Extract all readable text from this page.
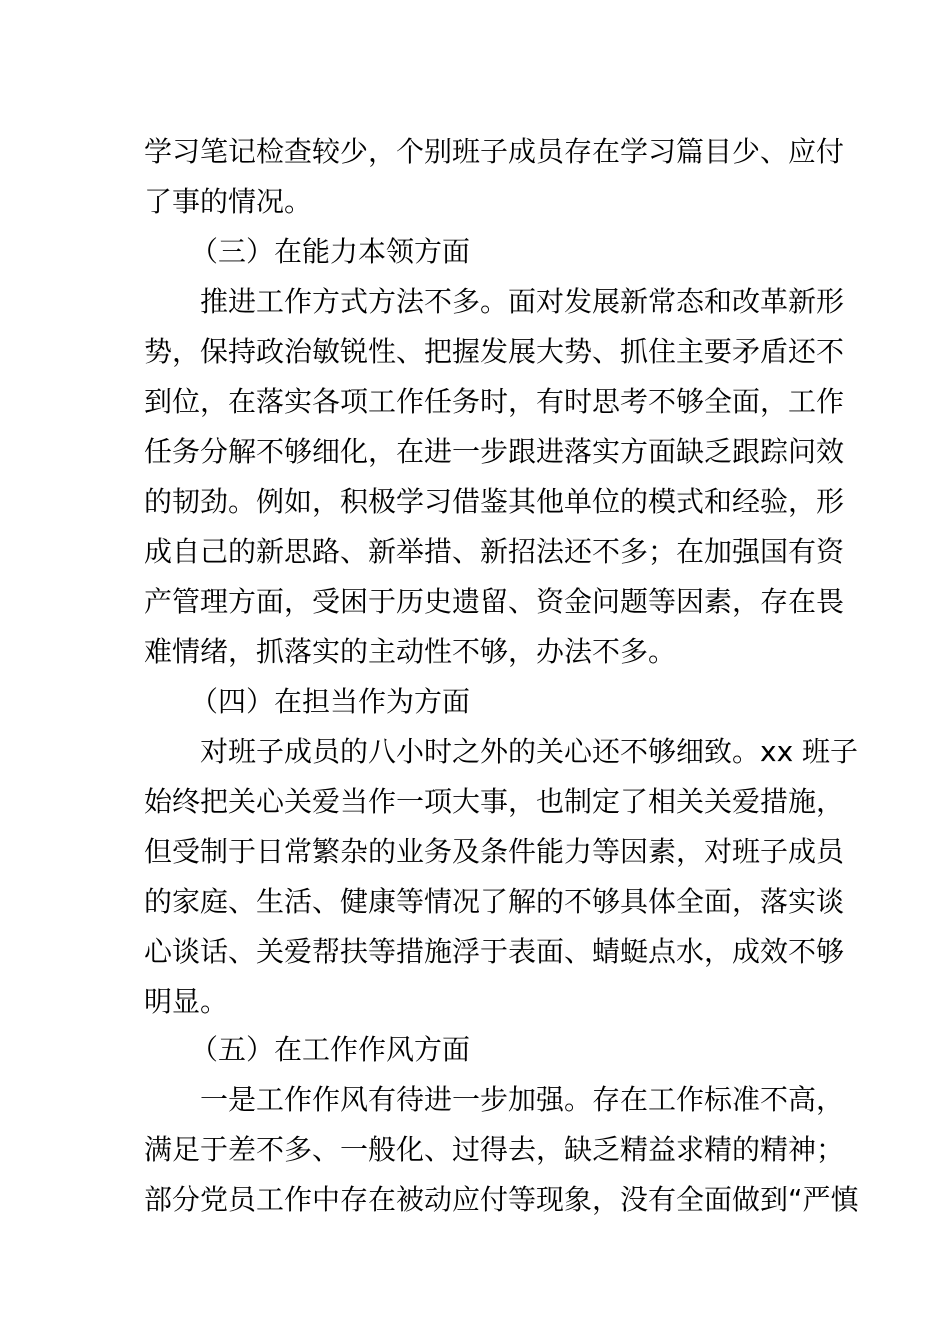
学习笔记检查较少，个别班子成员存在学习篇目少、应付
了事的情况。
（三）在能力本领方面
推进工作方式方法不多。面对发展新常态和改革新形
势，保持政治敏锐性、把握发展大势、抓住主要矛盾还不
到位，在落实各项工作任务时，有时思考不够全面，工作
任务分解不够细化，在进一步跟进落实方面缺乏跟踪问效
的韧劲。例如，积极学习借鉴其他单位的模式和经验，形
成自己的新思路、新举措、新招法还不多；在加强国有资
产管理方面，受困于历史遗留、资金问题等因素，存在畏
难情绪，抓落实的主动性不够，办法不多。
（四）在担当作为方面
对班子成员的八小时之外的关心还不够细致。xx 班子
始终把关心关爱当作一项大事，也制定了相关关爱措施，
但受制于日常繁杂的业务及条件能力等因素，对班子成员
的家庭、生活、健康等情况了解的不够具体全面，落实谈
心谈话、关爱帮扶等措施浮于表面、蜻蜓点水，成效不够
明显。
（五）在工作作风方面
一是工作作风有待进一步加强。存在工作标准不高，
满足于差不多、一般化、过得去，缺乏精益求精的精神；
部分党员工作中存在被动应付等现象，没有全面做到“严慎
